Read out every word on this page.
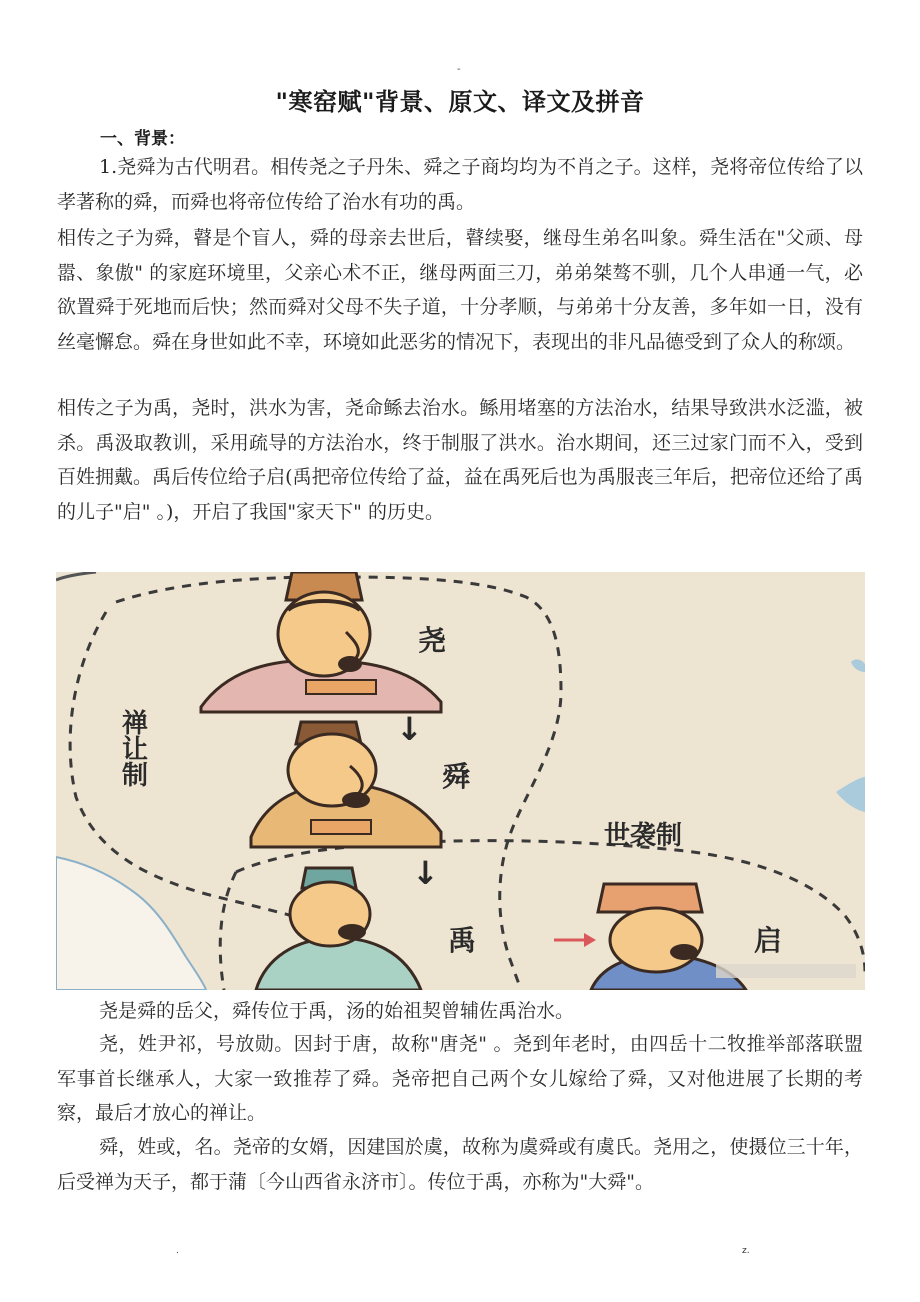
-
"寒窑赋"背景、原文、译文及拼音
一、背景：

1.尧舜为古代明君。相传尧之子丹朱、舜之子商均均为不肖之子。这样，尧将帝位传给了以孝著称的舜，而舜也将帝位传给了治水有功的禹。

相传之子为舜，瞽是个盲人，舜的母亲去世后，瞽续娶，继母生弟名叫象。舜生活在"父顽、母嚣、象傲" 的家庭环境里，父亲心术不正，继母两面三刀，弟弟桀骜不驯，几个人串通一气，必欲置舜于死地而后快；然而舜对父母不失子道，十分孝顺，与弟弟十分友善，多年如一日，没有丝毫懈怠。舜在身世如此不幸，环境如此恶劣的情况下，表现出的非凡品德受到了众人的称颂。

相传之子为禹，尧时，洪水为害，尧命鲧去治水。鲧用堵塞的方法治水，结果导致洪水泛滥，被杀。禹汲取教训，采用疏导的方法治水，终于制服了洪水。治水期间，还三过家门而不入，受到百姓拥戴。禹后传位给子启(禹把帝位传给了益，益在禹死后也为禹服丧三年后，把帝位还给了禹的儿子"启" 。)，开启了我国"家天下" 的历史。

尧
↓
舜
禅
让
制
↓
禹
世袭制
启

尧是舜的岳父，舜传位于禹，汤的始祖契曾辅佐禹治水。

尧，姓尹祁，号放勋。因封于唐，故称"唐尧" 。尧到年老时，由四岳十二牧推举部落联盟军事首长继承人，大家一致推荐了舜。尧帝把自己两个女儿嫁给了舜，又对他进展了长期的考察，最后才放心的禅让。

舜，姓或，名。尧帝的女婿，因建国於虞，故称为虞舜或有虞氏。尧用之，使摄位三十年，后受禅为天子，都于蒲〔今山西省永济市〕。传位于禹，亦称为"大舜"。

.	z.
